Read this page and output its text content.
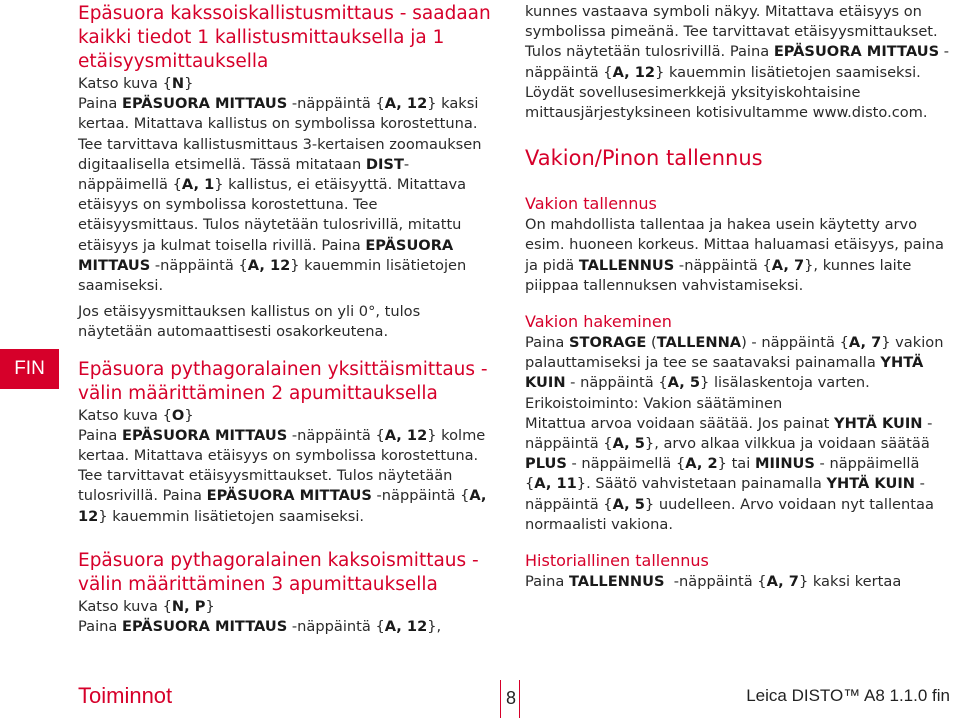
FIN
Epäsuora kakssoiskallistusmittaus - saadaan kaikki tiedot 1 kallistusmittauksella ja 1 etäisyysmittauksella

Katso kuva {N}

Paina EPÄSUORA MITTAUS -näppäintä {A, 12} kaksi kertaa. Mitattava kallistus on symbolissa korostettuna. Tee tarvittava kallistusmittaus 3-kertaisen zoomauksen digitaalisella etsimellä. Tässä mitataan DIST-näppäimellä {A, 1} kallistus, ei etäisyyttä. Mitattava etäisyys on symbolissa korostettuna. Tee etäisyysmittaus. Tulos näytetään tulosrivillä, mitattu etäisyys ja kulmat toisella rivillä. Paina EPÄSUORA MITTAUS -näppäintä {A, 12} kauemmin lisätietojen saamiseksi.

Jos etäisyysmittauksen kallistus on yli 0°, tulos näytetään automaattisesti osakorkeutena.

Epäsuora pythagoralainen yksittäismittaus - välin määrittäminen 2 apumittauksella

Katso kuva {O}

Paina EPÄSUORA MITTAUS -näppäintä {A, 12} kolme kertaa. Mitattava etäisyys on symbolissa korostettuna. Tee tarvittavat etäisyysmittaukset. Tulos näytetään tulosrivillä. Paina EPÄSUORA MITTAUS -näppäintä {A, 12} kauemmin lisätietojen saamiseksi.

Epäsuora pythagoralainen kaksoismittaus - välin määrittäminen 3 apumittauksella

Katso kuva {N, P}

Paina EPÄSUORA MITTAUS -näppäintä {A, 12},

kunnes vastaava symboli näkyy. Mitattava etäisyys on symbolissa pimeänä. Tee tarvittavat etäisyysmittaukset. Tulos näytetään tulosrivillä. Paina EPÄSUORA MITTAUS -näppäintä {A, 12} kauemmin lisätietojen saamiseksi.

Löydät sovellusesimerkkejä yksityiskohtaisine mittausjärjestyksineen kotisivultamme www.disto.com.

Vakion/Pinon tallennus
Vakion tallennus

On mahdollista tallentaa ja hakea usein käytetty arvo esim. huoneen korkeus. Mittaa haluamasi etäisyys, paina ja pidä TALLENNUS -näppäintä {A, 7}, kunnes laite piippaa tallennuksen vahvistamiseksi.

Vakion hakeminen

Paina STORAGE (TALLENNA) - näppäintä {A, 7} vakion palauttamiseksi ja tee se saatavaksi painamalla YHTÄ KUIN - näppäintä {A, 5} lisälaskentoja varten.

Erikoistoiminto: Vakion säätäminen

Mitattua arvoa voidaan säätää. Jos painat YHTÄ KUIN - näppäintä {A, 5}, arvo alkaa vilkkua ja voidaan säätää PLUS - näppäimellä {A, 2} tai MIINUS - näppäimellä {A, 11}. Säätö vahvistetaan painamalla YHTÄ KUIN - näppäintä {A, 5} uudelleen. Arvo voidaan nyt tallentaa normaalisti vakiona.

Historiallinen tallennus

Paina TALLENNUS  -näppäintä {A, 7} kaksi kertaa

Toiminnot	8	Leica DISTO™ A8 1.1.0 fin
